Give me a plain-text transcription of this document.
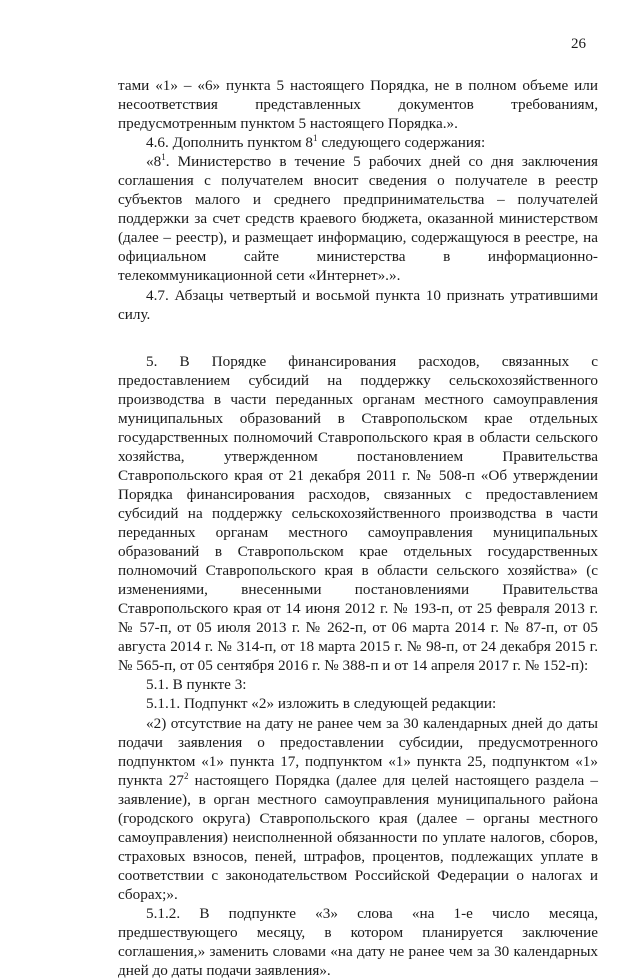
26

тами «1» – «6» пункта 5 настоящего Порядка, не в полном объеме или несоответствия представленных документов требованиям, предусмотренным пунктом 5 настоящего Порядка.».

4.6. Дополнить пунктом $8^1$ следующего содержания:

«$8^1$. Министерство в течение 5 рабочих дней со дня заключения соглашения с получателем вносит сведения о получателе в реестр субъектов малого и среднего предпринимательства – получателей поддержки за счет средств краевого бюджета, оказанной министерством (далее – реестр), и размещает информацию, содержащуюся в реестре, на официальном сайте министерства в информационно-телекоммуникационной сети «Интернет».».

4.7. Абзацы четвертый и восьмой пункта 10 признать утратившими силу.

5. В Порядке финансирования расходов, связанных с предоставлением субсидий на поддержку сельскохозяйственного производства в части переданных органам местного самоуправления муниципальных образований в Ставропольском крае отдельных государственных полномочий Ставропольского края в области сельского хозяйства, утвержденном постановлением Правительства Ставропольского края от 21 декабря 2011 г. № 508-п «Об утверждении Порядка финансирования расходов, связанных с предоставлением субсидий на поддержку сельскохозяйственного производства в части переданных органам местного самоуправления муниципальных образований в Ставропольском крае отдельных государственных полномочий Ставропольского края в области сельского хозяйства» (с изменениями, внесенными постановлениями Правительства Ставропольского края от 14 июня 2012 г. № 193-п, от 25 февраля 2013 г. № 57-п, от 05 июля 2013 г. № 262-п, от 06 марта 2014 г. № 87-п, от 05 августа 2014 г. № 314-п, от 18 марта 2015 г. № 98-п, от 24 декабря 2015 г. № 565-п, от 05 сентября 2016 г. № 388-п и от 14 апреля 2017 г. № 152-п):

5.1. В пункте 3:

5.1.1. Подпункт «2» изложить в следующей редакции:

«2) отсутствие на дату не ранее чем за 30 календарных дней до даты подачи заявления о предоставлении субсидии, предусмотренного подпунктом «1» пункта 17, подпунктом «1» пункта 25, подпунктом «1» пункта $27^2$ настоящего Порядка (далее для целей настоящего раздела – заявление), в орган местного самоуправления муниципального района (городского округа) Ставропольского края (далее – органы местного самоуправления) неисполненной обязанности по уплате налогов, сборов, страховых взносов, пеней, штрафов, процентов, подлежащих уплате в соответствии с законодательством Российской Федерации о налогах и сборах;».

5.1.2. В подпункте «3» слова «на 1-е число месяца, предшествующего месяцу, в котором планируется заключение соглашения,» заменить словами «на дату не ранее чем за 30 календарных дней до даты подачи заявления».
